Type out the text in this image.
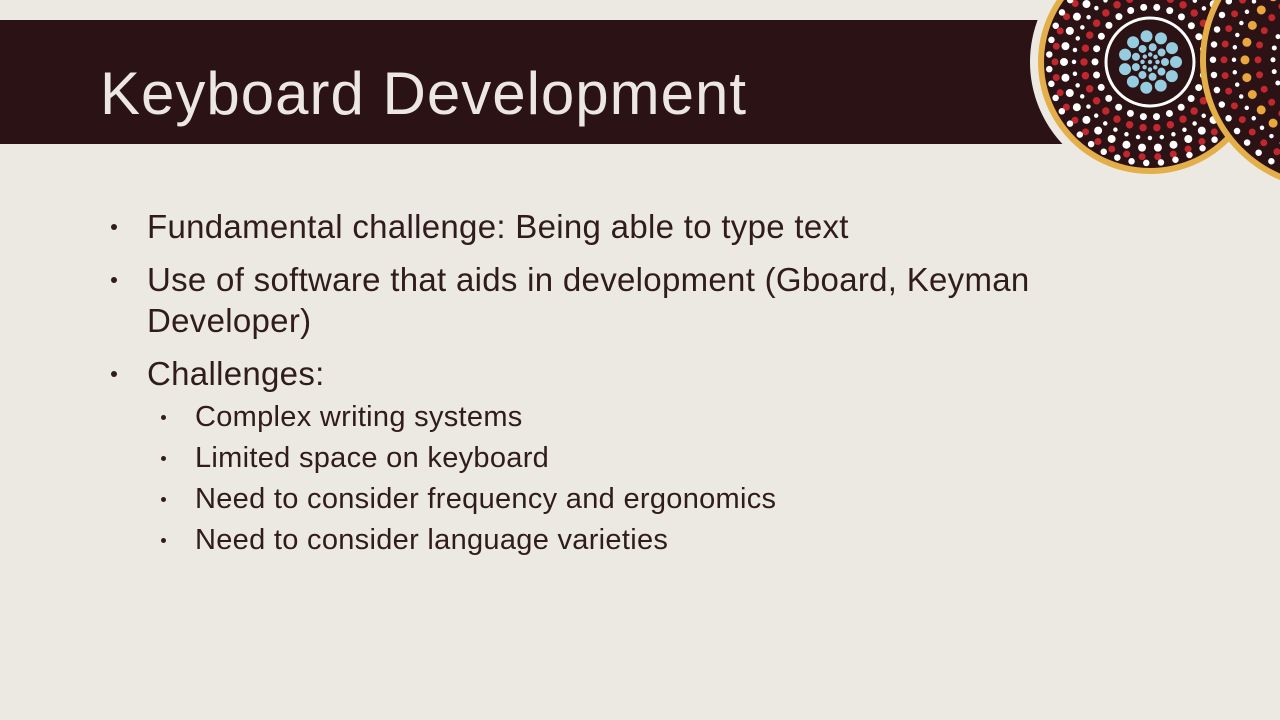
Keyboard Development
Fundamental challenge: Being able to type text
Use of software that aids in development (Gboard, Keyman Developer)
Challenges:
Complex writing systems
Limited space on keyboard
Need to consider frequency and ergonomics
Need to consider language varieties
